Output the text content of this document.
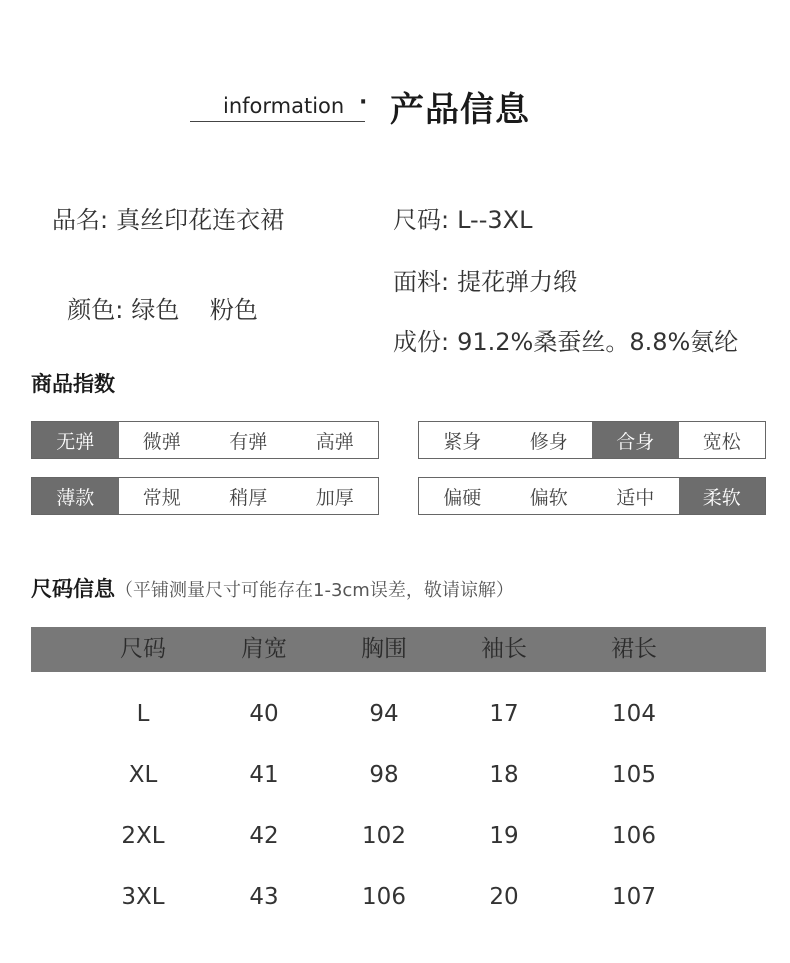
information · 产品信息
品名: 真丝印花连衣裙	尺码: L--3XL

颜色: 绿色    粉色

面料: 提花弹力缎
成份: 91.2%桑蚕丝。8.8%氨纶
商品指数
无弹	微弹	有弹	高弹	紧身	修身	合身	宽松
薄款	常规	稍厚	加厚	偏硬	偏软	适中	柔软
尺码信息（平铺测量尺寸可能存在1-3cm误差，敬请谅解）
尺码	肩宽	胸围	袖长	裙长
L	40	94	17	104
XL	41	98	18	105
2XL	42	102	19	106
3XL	43	106	20	107
